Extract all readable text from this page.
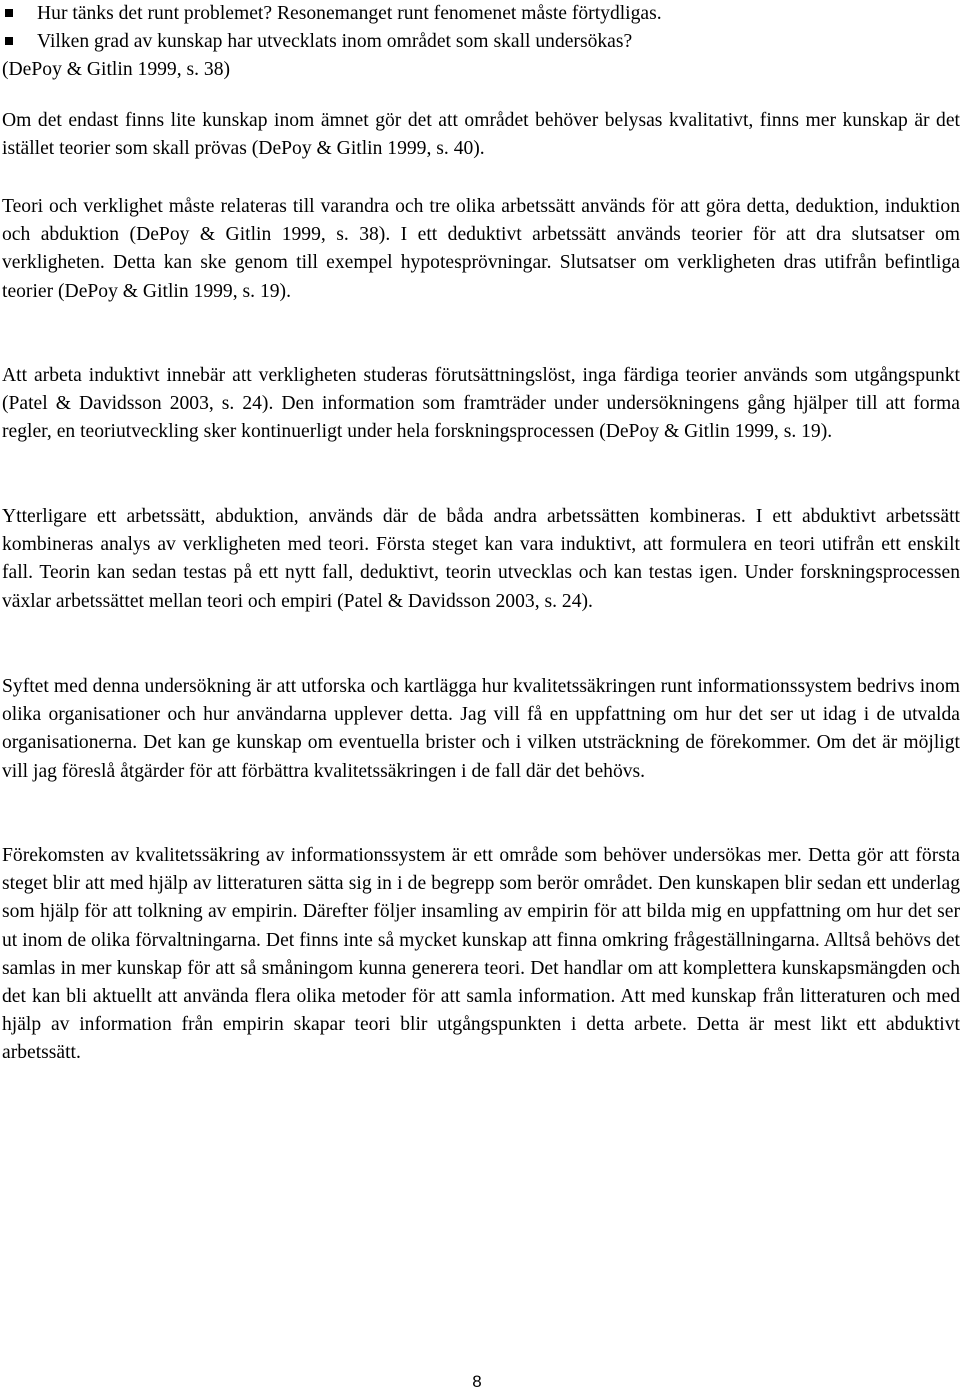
Hur tänks det runt problemet? Resonemanget runt fenomenet måste förtydligas.
Vilken grad av kunskap har utvecklats inom området som skall undersökas?
(DePoy & Gitlin 1999, s. 38)

Om det endast finns lite kunskap inom ämnet gör det att området behöver belysas kvalitativt, finns mer kunskap är det istället teorier som skall prövas (DePoy & Gitlin 1999, s. 40).

Teori och verklighet måste relateras till varandra och tre olika arbetssätt används för att göra detta, deduktion, induktion och abduktion (DePoy & Gitlin 1999, s. 38). I ett deduktivt arbetssätt används teorier för att dra slutsatser om verkligheten. Detta kan ske genom till exempel hypotesprövningar. Slutsatser om verkligheten dras utifrån befintliga teorier (DePoy & Gitlin 1999, s. 19).

Att arbeta induktivt innebär att verkligheten studeras förutsättningslöst, inga färdiga teorier används som utgångspunkt (Patel & Davidsson 2003, s. 24). Den information som framträder under undersökningens gång hjälper till att forma regler, en teoriutveckling sker kontinuerligt under hela forskningsprocessen (DePoy & Gitlin 1999, s. 19).

Ytterligare ett arbetssätt, abduktion, används där de båda andra arbetssätten kombineras. I ett abduktivt arbetssätt kombineras analys av verkligheten med teori. Första steget kan vara induktivt, att formulera en teori utifrån ett enskilt fall. Teorin kan sedan testas på ett nytt fall, deduktivt, teorin utvecklas och kan testas igen. Under forskningsprocessen växlar arbetssättet mellan teori och empiri (Patel & Davidsson 2003, s. 24).

Syftet med denna undersökning är att utforska och kartlägga hur kvalitetssäkringen runt informationssystem bedrivs inom olika organisationer och hur användarna upplever detta. Jag vill få en uppfattning om hur det ser ut idag i de utvalda organisationerna. Det kan ge kunskap om eventuella brister och i vilken utsträckning de förekommer. Om det är möjligt vill jag föreslå åtgärder för att förbättra kvalitetssäkringen i de fall där det behövs.

Förekomsten av kvalitetssäkring av informationssystem är ett område som behöver undersökas mer. Detta gör att första steget blir att med hjälp av litteraturen sätta sig in i de begrepp som berör området. Den kunskapen blir sedan ett underlag som hjälp för att tolkning av empirin. Därefter följer insamling av empirin för att bilda mig en uppfattning om hur det ser ut inom de olika förvaltningarna. Det finns inte så mycket kunskap att finna omkring frågeställningarna. Alltså behövs det samlas in mer kunskap för att så småningom kunna generera teori. Det handlar om att komplettera kunskapsmängden och det kan bli aktuellt att använda flera olika metoder för att samla information. Att med kunskap från litteraturen och med hjälp av information från empirin skapar teori blir utgångspunkten i detta arbete. Detta är mest likt ett abduktivt arbetssätt.

8
